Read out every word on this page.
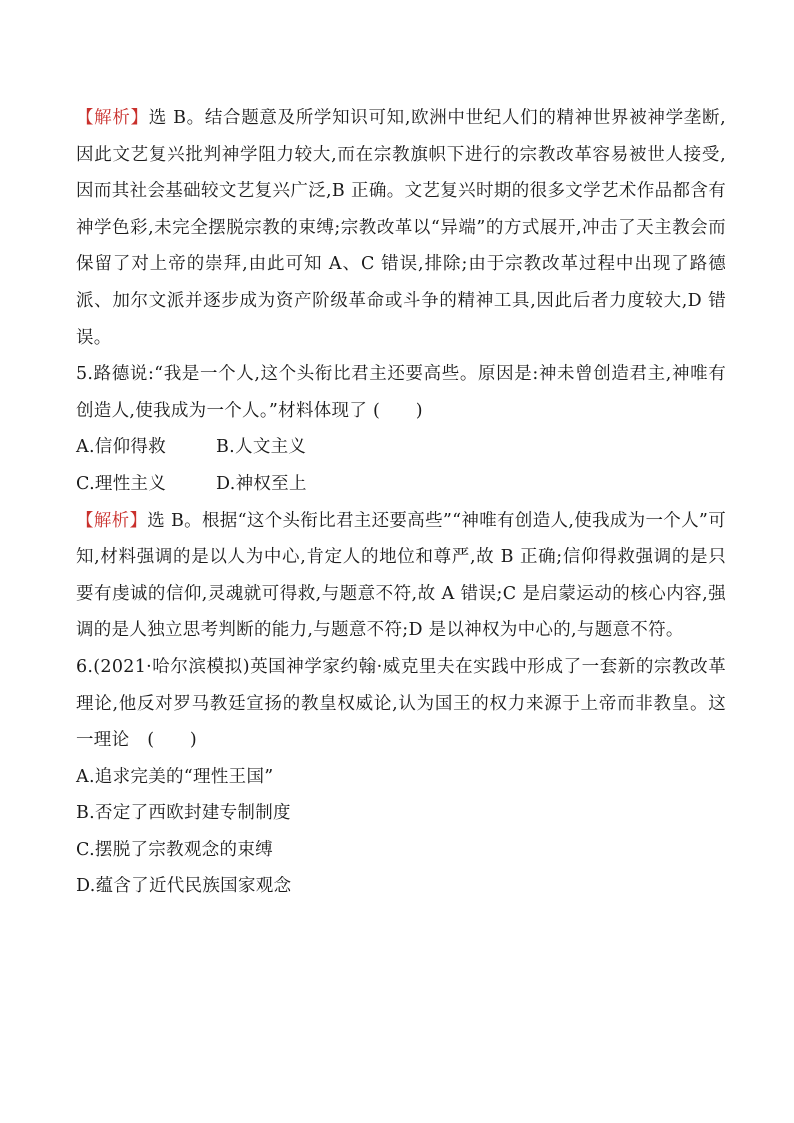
【解析】选 B。结合题意及所学知识可知,欧洲中世纪人们的精神世界被神学垄断,因此文艺复兴批判神学阻力较大,而在宗教旗帜下进行的宗教改革容易被世人接受,因而其社会基础较文艺复兴广泛,B 正确。文艺复兴时期的很多文学艺术作品都含有神学色彩,未完全摆脱宗教的束缚;宗教改革以“异端”的方式展开,冲击了天主教会而保留了对上帝的崇拜,由此可知 A、C 错误,排除;由于宗教改革过程中出现了路德派、加尔文派并逐步成为资产阶级革命或斗争的精神工具,因此后者力度较大,D 错误。

5.路德说:“我是一个人,这个头衔比君主还要高些。原因是:神未曾创造君主,神唯有创造人,使我成为一个人。”材料体现了 (　　)

A.信仰得救	B.人文主义
C.理性主义	D.神权至上

【解析】选 B。根据“这个头衔比君主还要高些”“神唯有创造人,使我成为一个人”可知,材料强调的是以人为中心,肯定人的地位和尊严,故 B 正确;信仰得救强调的是只要有虔诚的信仰,灵魂就可得救,与题意不符,故 A 错误;C 是启蒙运动的核心内容,强调的是人独立思考判断的能力,与题意不符;D 是以神权为中心的,与题意不符。

6.(2021·哈尔滨模拟)英国神学家约翰·威克里夫在实践中形成了一套新的宗教改革理论,他反对罗马教廷宣扬的教皇权威论,认为国王的权力来源于上帝而非教皇。这一理论　(　　)

A.追求完美的“理性王国”

B.否定了西欧封建专制制度

C.摆脱了宗教观念的束缚

D.蕴含了近代民族国家观念
